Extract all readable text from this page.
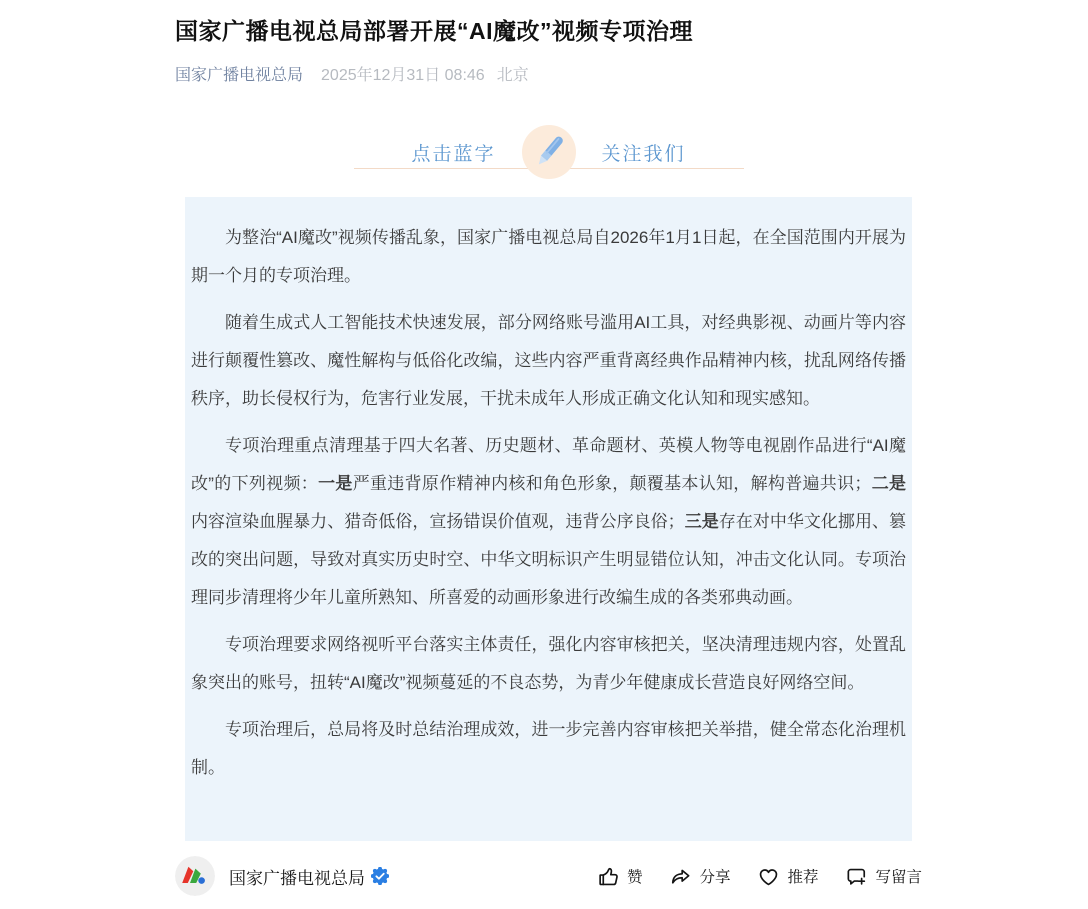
国家广播电视总局部署开展“AI魔改”视频专项治理
国家广播电视总局 2025年12月31日 08:46 北京
点击蓝字	关注我们

为整治“AI魔改”视频传播乱象，国家广播电视总局自2026年1月1日起，在全国范围内开展为期一个月的专项治理。

随着生成式人工智能技术快速发展，部分网络账号滥用AI工具，对经典影视、动画片等内容进行颠覆性篡改、魔性解构与低俗化改编，这些内容严重背离经典作品精神内核，扰乱网络传播秩序，助长侵权行为，危害行业发展，干扰未成年人形成正确文化认知和现实感知。

专项治理重点清理基于四大名著、历史题材、革命题材、英模人物等电视剧作品进行“AI魔改”的下列视频：一是严重违背原作精神内核和角色形象，颠覆基本认知，解构普遍共识；二是内容渲染血腥暴力、猎奇低俗，宣扬错误价值观，违背公序良俗；三是存在对中华文化挪用、篡改的突出问题，导致对真实历史时空、中华文明标识产生明显错位认知，冲击文化认同。专项治理同步清理将少年儿童所熟知、所喜爱的动画形象进行改编生成的各类邪典动画。

专项治理要求网络视听平台落实主体责任，强化内容审核把关，坚决清理违规内容，处置乱象突出的账号，扭转“AI魔改”视频蔓延的不良态势，为青少年健康成长营造良好网络空间。

专项治理后，总局将及时总结治理成效，进一步完善内容审核把关举措，健全常态化治理机制。

国家广播电视总局	赞	分享	推荐	写留言
